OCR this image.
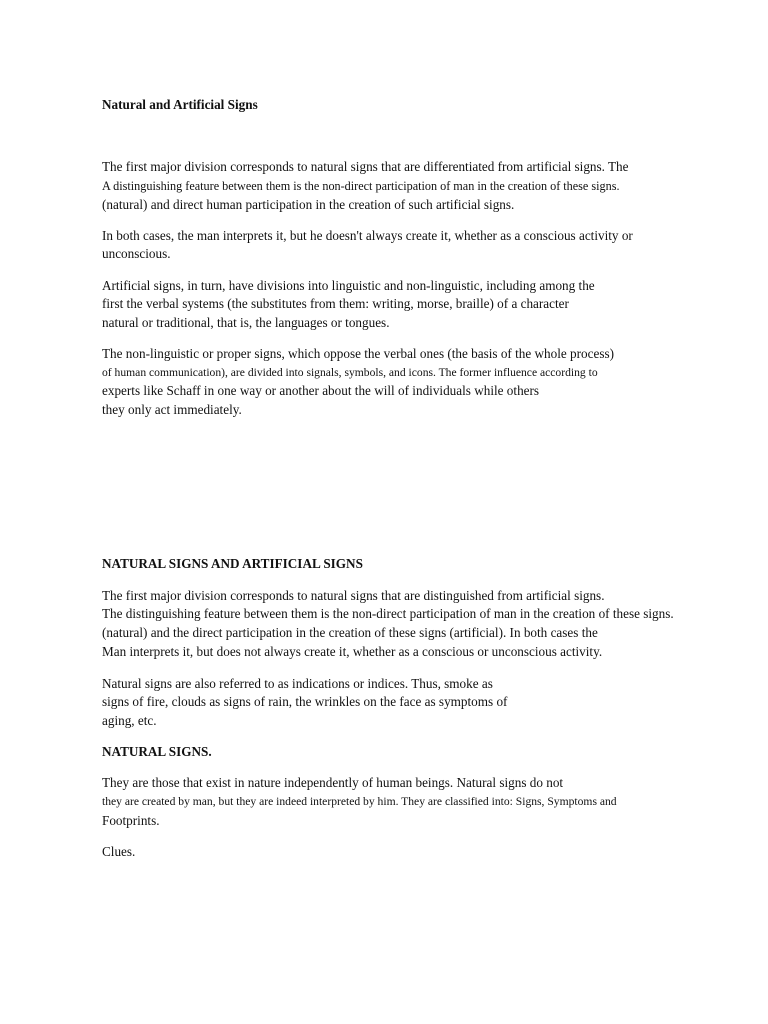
Natural and Artificial Signs
The first major division corresponds to natural signs that are differentiated from artificial signs. The
A distinguishing feature between them is the non-direct participation of man in the creation of these signs.
(natural) and direct human participation in the creation of such artificial signs.
In both cases, the man interprets it, but he doesn't always create it, whether as a conscious activity or
unconscious.
Artificial signs, in turn, have divisions into linguistic and non-linguistic, including among the
first the verbal systems (the substitutes from them: writing, morse, braille) of a character
natural or traditional, that is, the languages or tongues.
The non-linguistic or proper signs, which oppose the verbal ones (the basis of the whole process)
of human communication), are divided into signals, symbols, and icons. The former influence according to
experts like Schaff in one way or another about the will of individuals while others
they only act immediately.
NATURAL SIGNS AND ARTIFICIAL SIGNS
The first major division corresponds to natural signs that are distinguished from artificial signs.
The distinguishing feature between them is the non-direct participation of man in the creation of these signs.
(natural) and the direct participation in the creation of these signs (artificial). In both cases the
Man interprets it, but does not always create it, whether as a conscious or unconscious activity.
Natural signs are also referred to as indications or indices. Thus, smoke as
signs of fire, clouds as signs of rain, the wrinkles on the face as symptoms of
aging, etc.
NATURAL SIGNS.
They are those that exist in nature independently of human beings. Natural signs do not
they are created by man, but they are indeed interpreted by him. They are classified into: Signs, Symptoms and
Footprints.
Clues.
